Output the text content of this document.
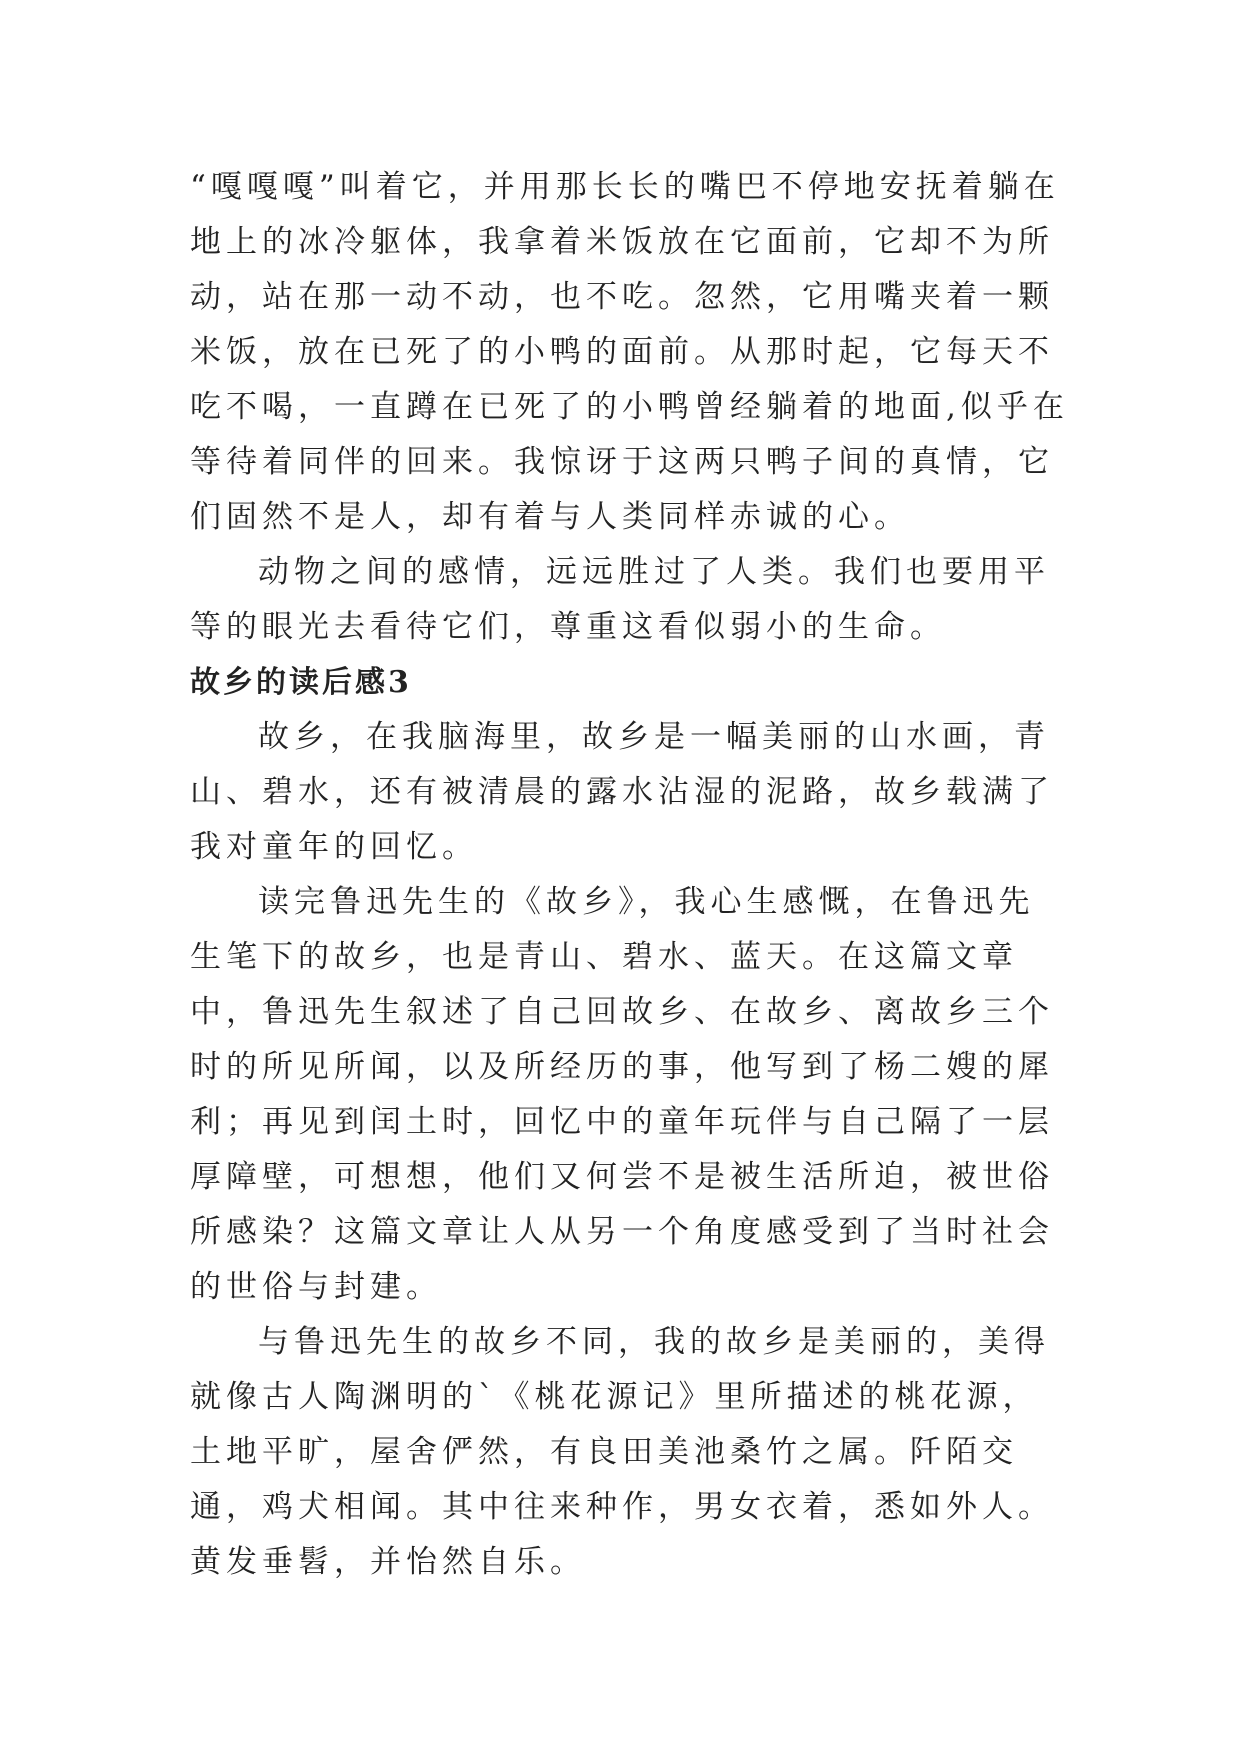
“嘎嘎嘎”叫着它，并用那长长的嘴巴不停地安抚着躺在地上的冰冷躯体，我拿着米饭放在它面前，它却不为所动，站在那一动不动，也不吃。忽然，它用嘴夹着一颗米饭，放在已死了的小鸭的面前。从那时起，它每天不吃不喝，一直蹲在已死了的小鸭曾经躺着的地面,似乎在等待着同伴的回来。我惊讶于这两只鸭子间的真情，它们固然不是人，却有着与人类同样赤诚的心。

动物之间的感情，远远胜过了人类。我们也要用平等的眼光去看待它们，尊重这看似弱小的生命。

故乡的读后感3

故乡，在我脑海里，故乡是一幅美丽的山水画，青山、碧水，还有被清晨的露水沾湿的泥路，故乡载满了我对童年的回忆。

读完鲁迅先生的《故乡》，我心生感慨，在鲁迅先生笔下的故乡，也是青山、碧水、蓝天。在这篇文章中，鲁迅先生叙述了自己回故乡、在故乡、离故乡三个时的所见所闻，以及所经历的事，他写到了杨二嫂的犀利；再见到闰土时，回忆中的童年玩伴与自己隔了一层厚障壁，可想想，他们又何尝不是被生活所迫，被世俗所感染？这篇文章让人从另一个角度感受到了当时社会的世俗与封建。

与鲁迅先生的故乡不同，我的故乡是美丽的，美得就像古人陶渊明的`《桃花源记》里所描述的桃花源，土地平旷，屋舍俨然，有良田美池桑竹之属。阡陌交通，鸡犬相闻。其中往来种作，男女衣着，悉如外人。黄发垂髫，并怡然自乐。
